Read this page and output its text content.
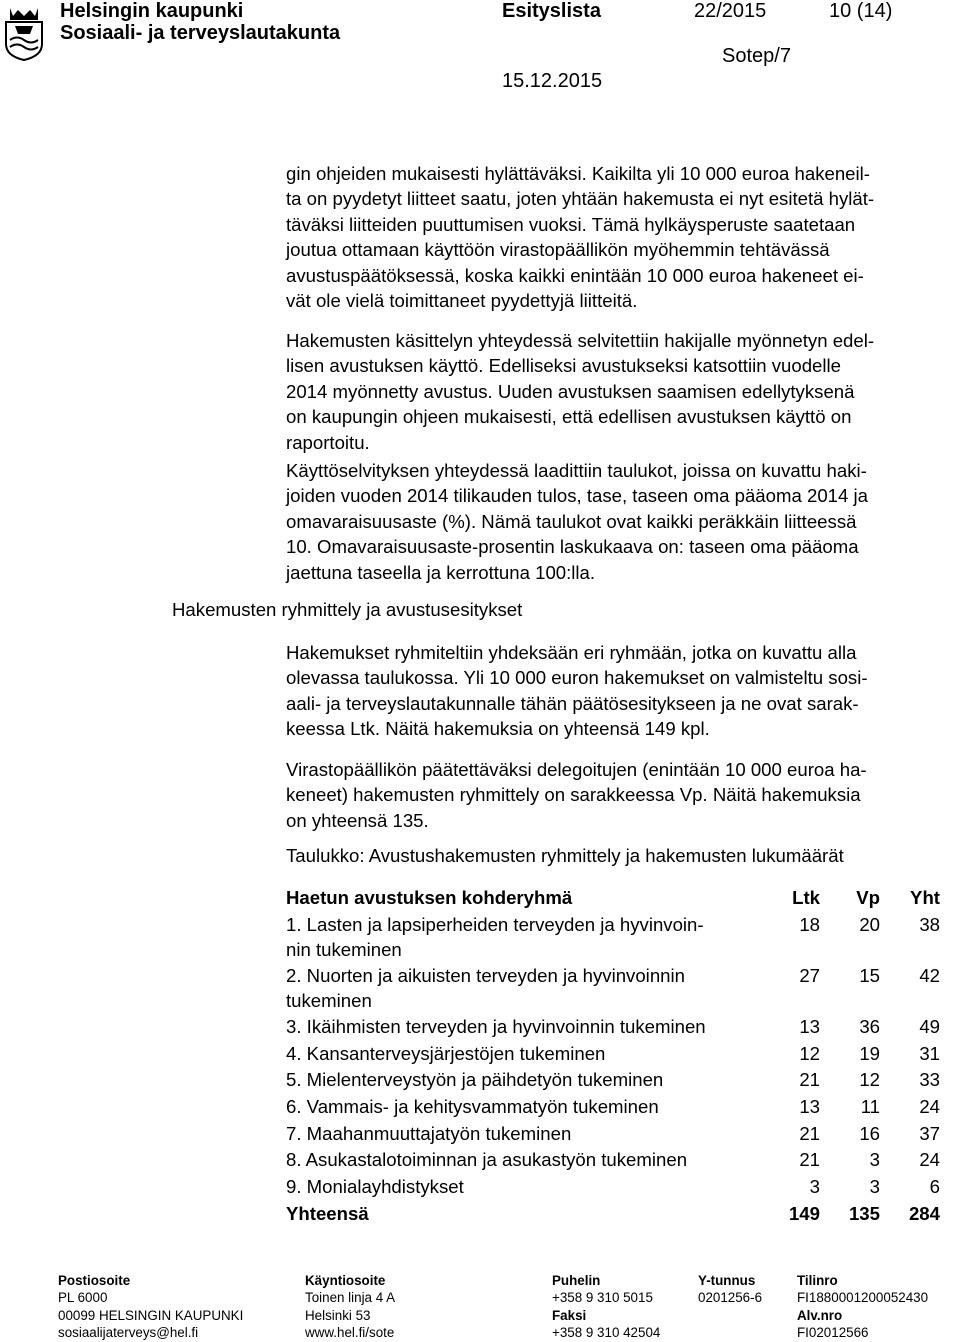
Helsingin kaupunki
Sosiaali- ja terveyslautakunta
Esityslista	22/2015	10 (14)
Sotep/7
15.12.2015
gin ohjeiden mukaisesti hylättäväksi. Kaikilta yli 10 000 euroa hakeneil-
ta on pyydetyt liitteet saatu, joten yhtään hakemusta ei nyt esitetä hylät-
täväksi liitteiden puuttumisen vuoksi. Tämä hylkäysperuste saatetaan
joutua ottamaan käyttöön virastopäällikön myöhemmin tehtävässä
avustuspäätöksessä, koska kaikki enintään 10 000 euroa hakeneet ei-
vät ole vielä toimittaneet pyydettyjä liitteitä.
Hakemusten käsittelyn yhteydessä selvitettiin hakijalle myönnetyn edel-
lisen avustuksen käyttö. Edelliseksi avustukseksi katsottiin vuodelle
2014 myönnetty avustus. Uuden avustuksen saamisen edellytyksenä
on kaupungin ohjeen mukaisesti, että edellisen avustuksen käyttö on
raportoitu.
Käyttöselvityksen yhteydessä laadittiin taulukot, joissa on kuvattu haki-
joiden vuoden 2014 tilikauden tulos, tase, taseen oma pääoma 2014 ja
omavaraisuusaste (%). Nämä taulukot ovat kaikki peräkkäin liitteessä
10. Omavaraisuusaste-prosentin laskukaava on: taseen oma pääoma
jaettuna taseella ja kerrottuna 100:lla.
Hakemusten ryhmittely ja avustusesitykset
Hakemukset ryhmiteltiin yhdeksään eri ryhmään, jotka on kuvattu alla
olevassa taulukossa. Yli 10 000 euron hakemukset on valmisteltu sosi-
aali- ja terveyslautakunnalle tähän päätösesitykseen ja ne ovat sarak-
keessa Ltk. Näitä hakemuksia on yhteensä 149 kpl.
Virastopäällikön päätettäväksi delegoitujen (enintään 10 000 euroa ha-
keneet) hakemusten ryhmittely on sarakkeessa Vp. Näitä hakemuksia
on yhteensä 135.
Taulukko: Avustushakemusten ryhmittely ja hakemusten lukumäärät
Haetun avustuksen kohderyhmä	Ltk Vp Yht
1. Lasten ja lapsiperheiden terveyden ja hyvinvoin-
nin tukeminen
18 20 38
2. Nuorten ja aikuisten terveyden ja hyvinvoinnin
tukeminen
27 15 42
3. Ikäihmisten terveyden ja hyvinvoinnin tukeminen	13 36 49
4. Kansanterveysjärjestöjen tukeminen	12 19 31
5. Mielenterveystyön ja päihdetyön tukeminen	21 12 33
6. Vammais- ja kehitysvammatyön tukeminen	13 11 24
7. Maahanmuuttajatyön tukeminen	21 16 37
8. Asukastalotoiminnan ja asukastyön tukeminen	21	3 24
9. Monialayhdistykset	3	3	6
Yhteensä	149 135 284
Postiosoite
PL 6000
00099 HELSINGIN KAUPUNKI
sosiaalijaterveys@hel.fi
Käyntiosoite
Toinen linja 4 A
Helsinki 53
www.hel.fi/sote
Puhelin
+358 9 310 5015
Faksi
+358 9 310 42504
Y-tunnus
0201256-6
Tilinro
FI1880001200052430
Alv.nro
FI02012566
